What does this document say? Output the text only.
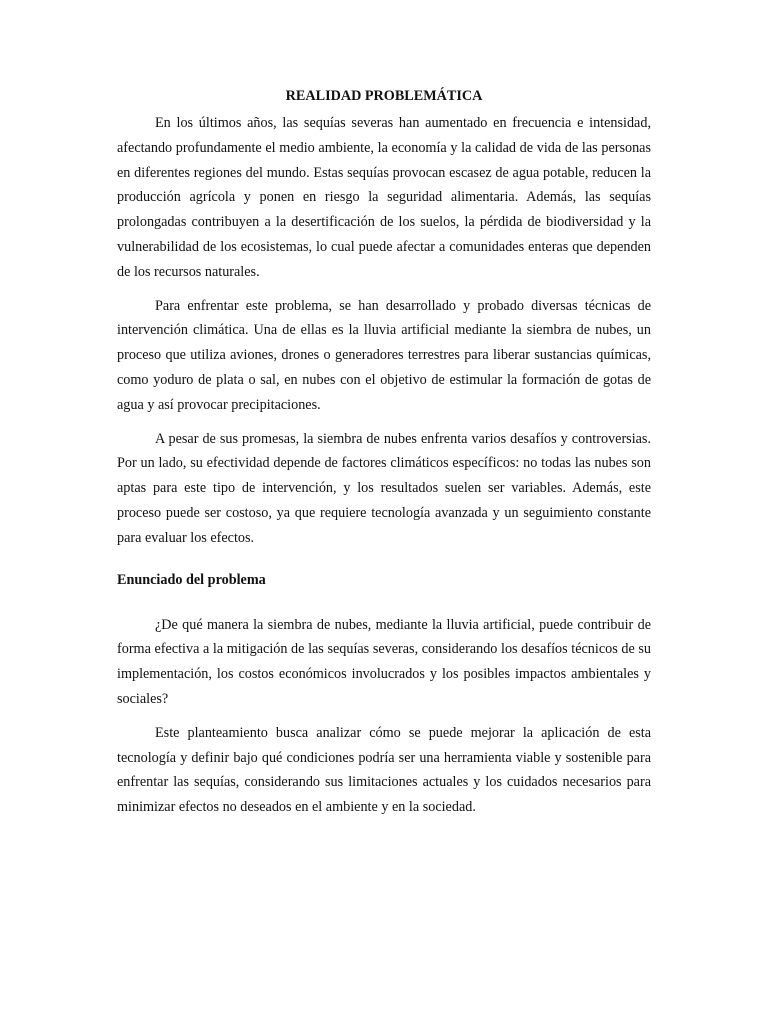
REALIDAD PROBLEMÁTICA

En los últimos años, las sequías severas han aumentado en frecuencia e intensidad, afectando profundamente el medio ambiente, la economía y la calidad de vida de las personas en diferentes regiones del mundo. Estas sequías provocan escasez de agua potable, reducen la producción agrícola y ponen en riesgo la seguridad alimentaria. Además, las sequías prolongadas contribuyen a la desertificación de los suelos, la pérdida de biodiversidad y la vulnerabilidad de los ecosistemas, lo cual puede afectar a comunidades enteras que dependen de los recursos naturales.

Para enfrentar este problema, se han desarrollado y probado diversas técnicas de intervención climática. Una de ellas es la lluvia artificial mediante la siembra de nubes, un proceso que utiliza aviones, drones o generadores terrestres para liberar sustancias químicas, como yoduro de plata o sal, en nubes con el objetivo de estimular la formación de gotas de agua y así provocar precipitaciones.

A pesar de sus promesas, la siembra de nubes enfrenta varios desafíos y controversias. Por un lado, su efectividad depende de factores climáticos específicos: no todas las nubes son aptas para este tipo de intervención, y los resultados suelen ser variables. Además, este proceso puede ser costoso, ya que requiere tecnología avanzada y un seguimiento constante para evaluar los efectos.

Enunciado del problema

¿De qué manera la siembra de nubes, mediante la lluvia artificial, puede contribuir de forma efectiva a la mitigación de las sequías severas, considerando los desafíos técnicos de su implementación, los costos económicos involucrados y los posibles impactos ambientales y sociales?

Este planteamiento busca analizar cómo se puede mejorar la aplicación de esta tecnología y definir bajo qué condiciones podría ser una herramienta viable y sostenible para enfrentar las sequías, considerando sus limitaciones actuales y los cuidados necesarios para minimizar efectos no deseados en el ambiente y en la sociedad.
